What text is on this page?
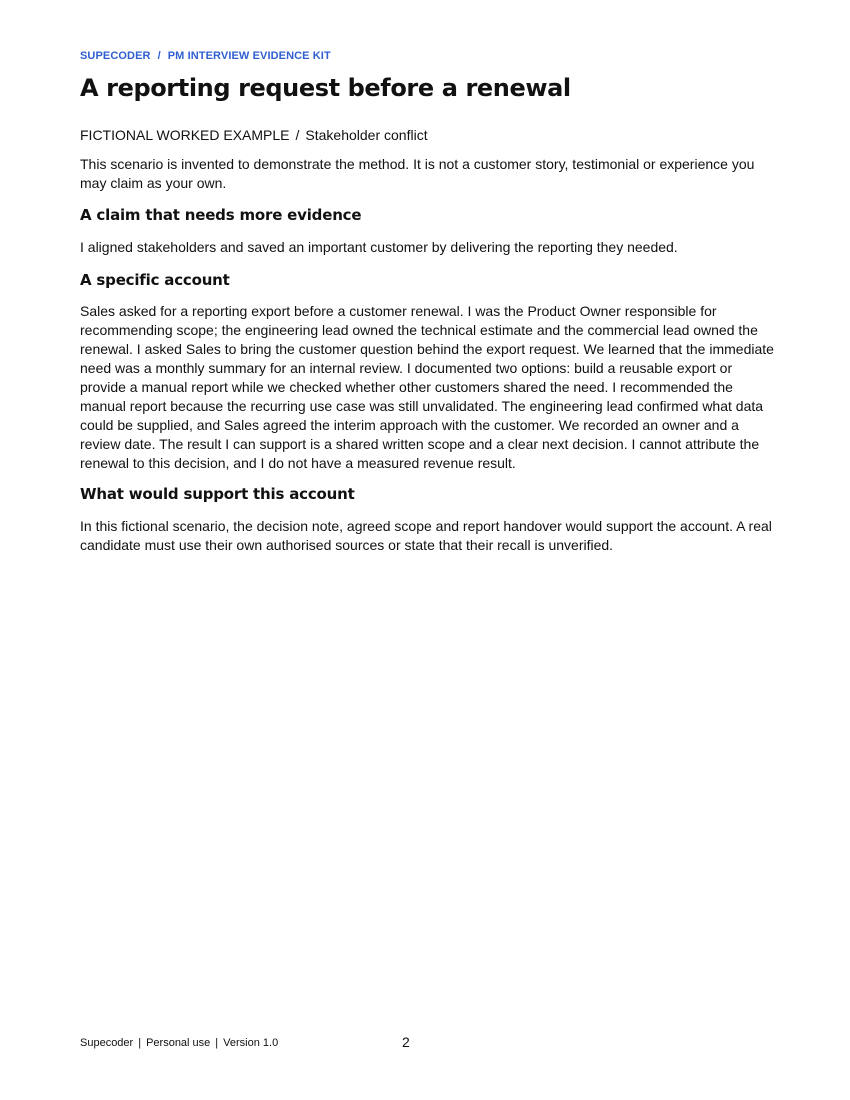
SUPECODER / PM INTERVIEW EVIDENCE KIT
A reporting request before a renewal
FICTIONAL WORKED EXAMPLE / Stakeholder conflict

This scenario is invented to demonstrate the method. It is not a customer story, testimonial or experience you may claim as your own.

A claim that needs more evidence

I aligned stakeholders and saved an important customer by delivering the reporting they needed.

A specific account

Sales asked for a reporting export before a customer renewal. I was the Product Owner responsible for recommending scope; the engineering lead owned the technical estimate and the commercial lead owned the renewal. I asked Sales to bring the customer question behind the export request. We learned that the immediate need was a monthly summary for an internal review. I documented two options: build a reusable export or provide a manual report while we checked whether other customers shared the need. I recommended the manual report because the recurring use case was still unvalidated. The engineering lead confirmed what data could be supplied, and Sales agreed the interim approach with the customer. We recorded an owner and a review date. The result I can support is a shared written scope and a clear next decision. I cannot attribute the renewal to this decision, and I do not have a measured revenue result.

What would support this account

In this fictional scenario, the decision note, agreed scope and report handover would support the account. A real candidate must use their own authorised sources or state that their recall is unverified.

Supecoder | Personal use | Version 1.0	2
